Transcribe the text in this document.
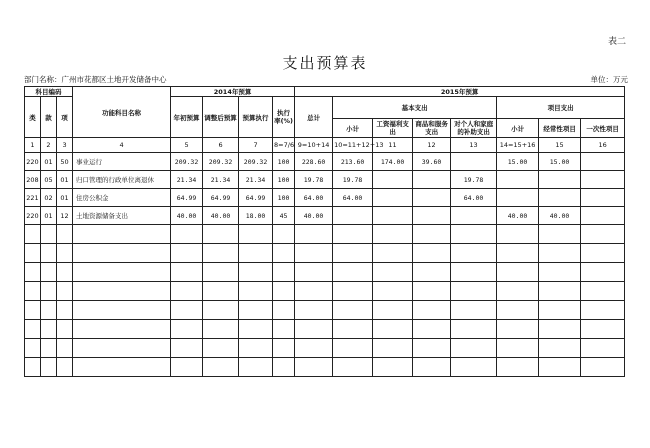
表二
支出预算表
部门名称：广州市花都区土地开发储备中心	单位：万元
科目编码			功能科目名称	2014年预算				2015年预算							
类	款	项		年初预算	调整后预算	预算执行	执行率(%)	总计	基本支出				项目支出		
									小计	工资福利支出	商品和服务支出	对个人和家庭的补助支出	小计	经常性项目	一次性项目
1	2	3	4	5	6	7	8=7/6	9=10+14	10=11+12+13	11	12	13	14=15+16	15	16
220	01	50	事业运行	209.32	209.32	209.32	100	228.60	213.60	174.00	39.60		15.00	15.00	
208	05	01	归口管理的行政单位离退休	21.34	21.34	21.34	100	19.78	19.78			19.78			
221	02	01	住房公积金	64.99	64.99	64.99	100	64.00	64.00			64.00			
220	01	12	土地资源储备支出	40.00	40.00	18.00	45	40.00					40.00	40.00	
